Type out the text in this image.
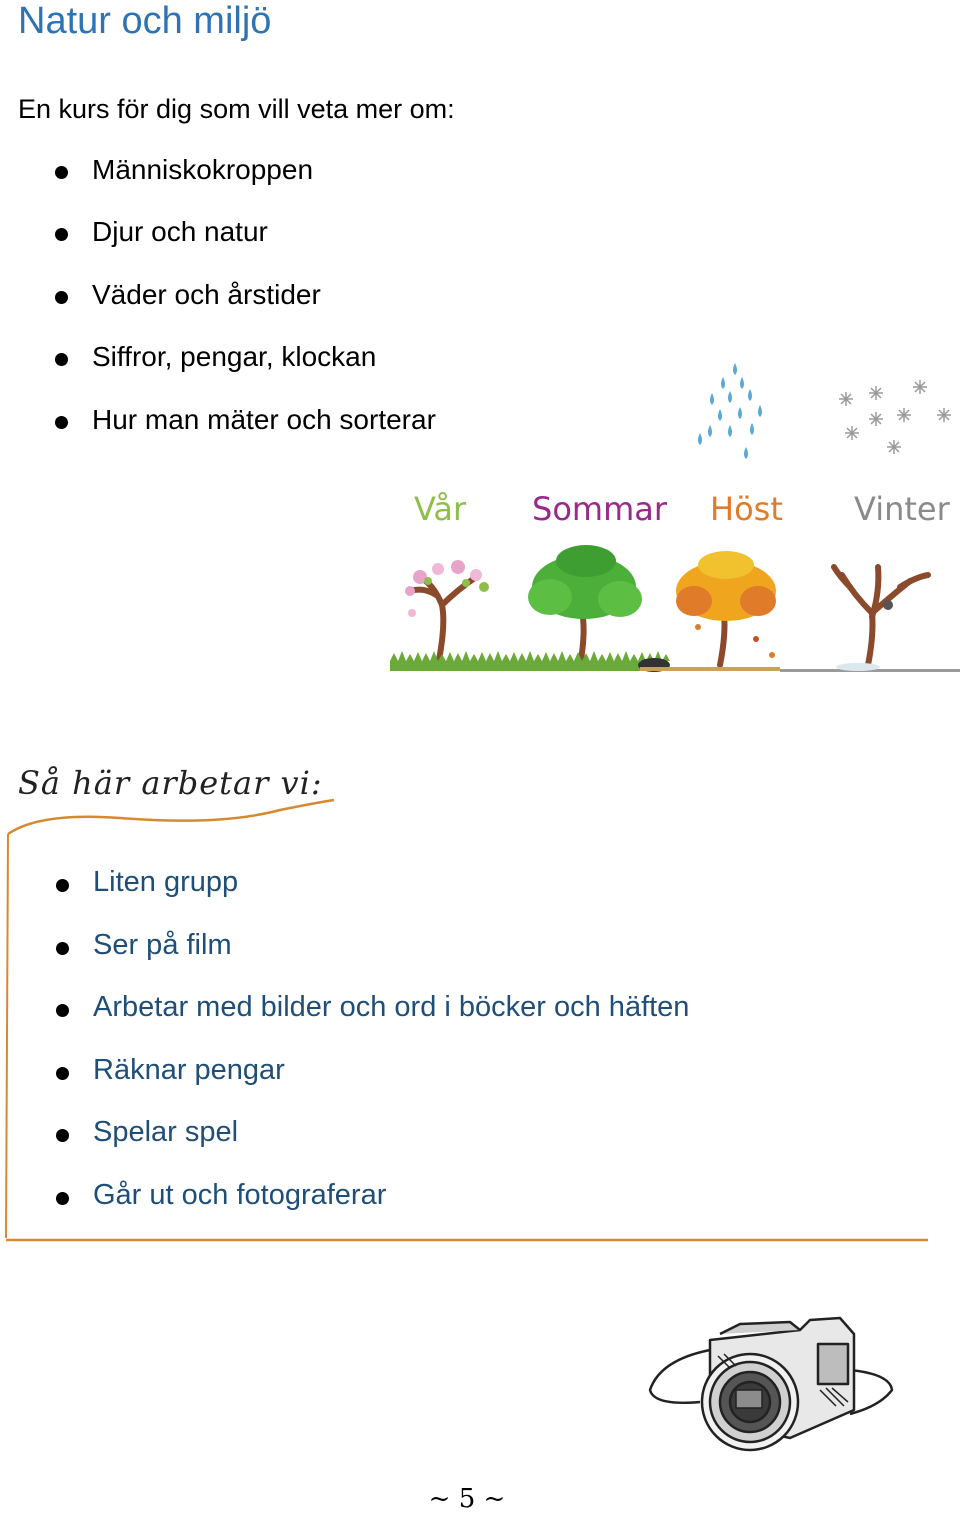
Natur och miljö

En kurs för dig som vill veta mer om:

Människokroppen
Djur och natur
Väder och årstider
Siffror, pengar, klockan
Hur man mäter och sorterar
Vår Sommar Höst Vinter
Så här arbetar vi:
Liten grupp
Ser på film
Arbetar med bilder och ord i böcker och häften
Räknar pengar
Spelar spel
Går ut och fotograferar
~ 5 ~
